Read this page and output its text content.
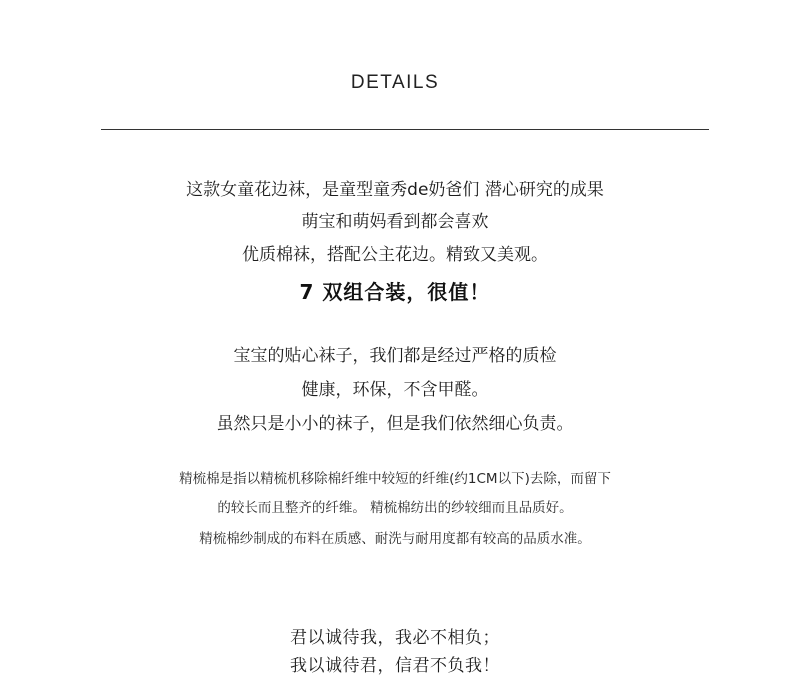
DETAILS
这款女童花边袜，是童型童秀de奶爸们 潜心研究的成果
萌宝和萌妈看到都会喜欢
优质棉袜，搭配公主花边。精致又美观。
7 双组合装，很值！
宝宝的贴心袜子，我们都是经过严格的质检
健康，环保，不含甲醛。
虽然只是小小的袜子，但是我们依然细心负责。
精梳棉是指以精梳机移除棉纤维中较短的纤维(约1CM以下)去除，而留下
的较长而且整齐的纤维。 精梳棉纺出的纱较细而且品质好。
精梳棉纱制成的布料在质感、耐洗与耐用度都有较高的品质水准。
君以诚待我，我必不相负；
我以诚待君，信君不负我！
